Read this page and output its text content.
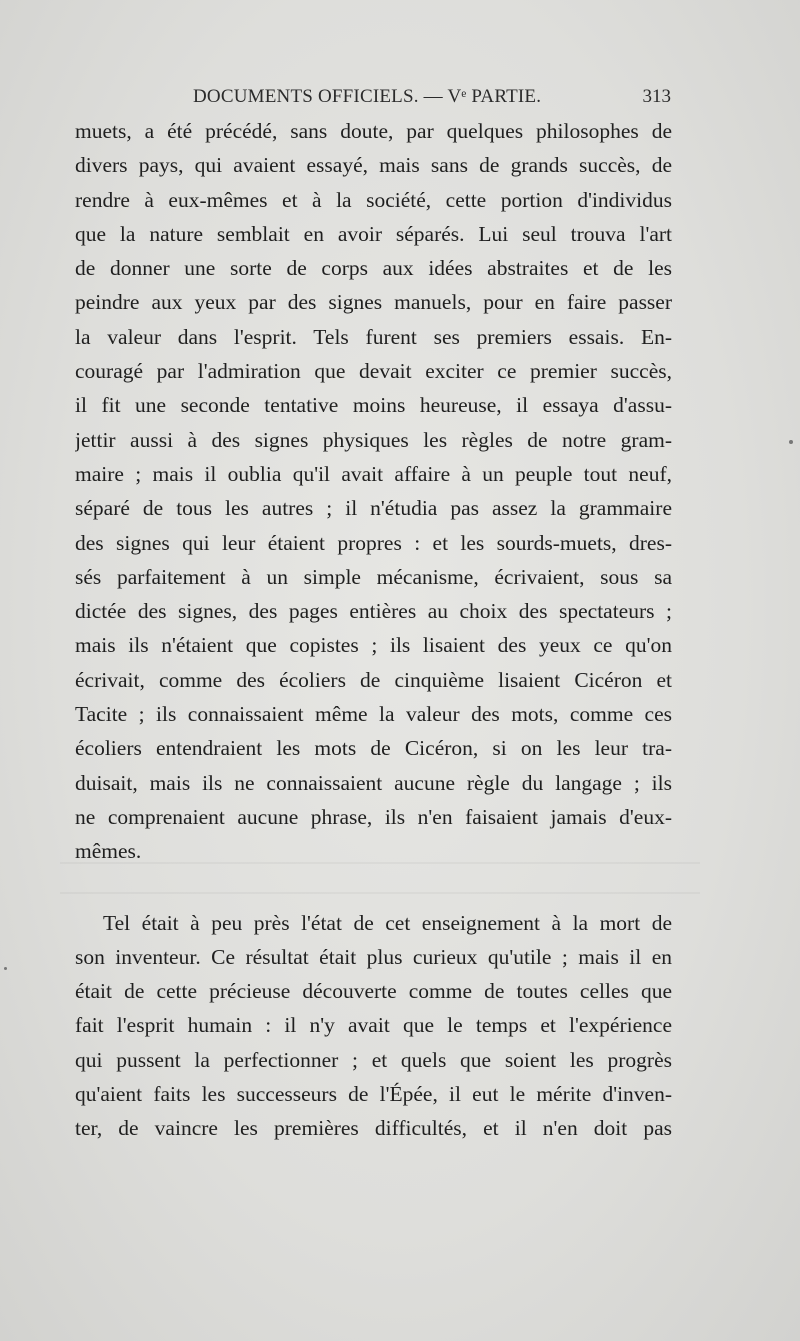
DOCUMENTS OFFICIELS. — Vᵉ PARTIE.	313
muets, a été précédé, sans doute, par quelques philosophes de
divers pays, qui avaient essayé, mais sans de grands succès, de
rendre à eux-mêmes et à la société, cette portion d'individus
que la nature semblait en avoir séparés. Lui seul trouva l'art
de donner une sorte de corps aux idées abstraites et de les
peindre aux yeux par des signes manuels, pour en faire passer
la valeur dans l'esprit. Tels furent ses premiers essais. En-
couragé par l'admiration que devait exciter ce premier succès,
il fit une seconde tentative moins heureuse, il essaya d'assu-
jettir aussi à des signes physiques les règles de notre gram-
maire ; mais il oublia qu'il avait affaire à un peuple tout neuf,
séparé de tous les autres ; il n'étudia pas assez la grammaire
des signes qui leur étaient propres : et les sourds-muets, dres-
sés parfaitement à un simple mécanisme, écrivaient, sous sa
dictée des signes, des pages entières au choix des spectateurs ;
mais ils n'étaient que copistes ; ils lisaient des yeux ce qu'on
écrivait, comme des écoliers de cinquième lisaient Cicéron et
Tacite ; ils connaissaient même la valeur des mots, comme ces
écoliers entendraient les mots de Cicéron, si on les leur tra-
duisait, mais ils ne connaissaient aucune règle du langage ; ils
ne comprenaient aucune phrase, ils n'en faisaient jamais d'eux-
mêmes.
Tel était à peu près l'état de cet enseignement à la mort de
son inventeur. Ce résultat était plus curieux qu'utile ; mais il en
était de cette précieuse découverte comme de toutes celles que
fait l'esprit humain : il n'y avait que le temps et l'expérience
qui pussent la perfectionner ; et quels que soient les progrès
qu'aient faits les successeurs de l'Épée, il eut le mérite d'inven-
ter, de vaincre les premières difficultés, et il n'en doit pas
